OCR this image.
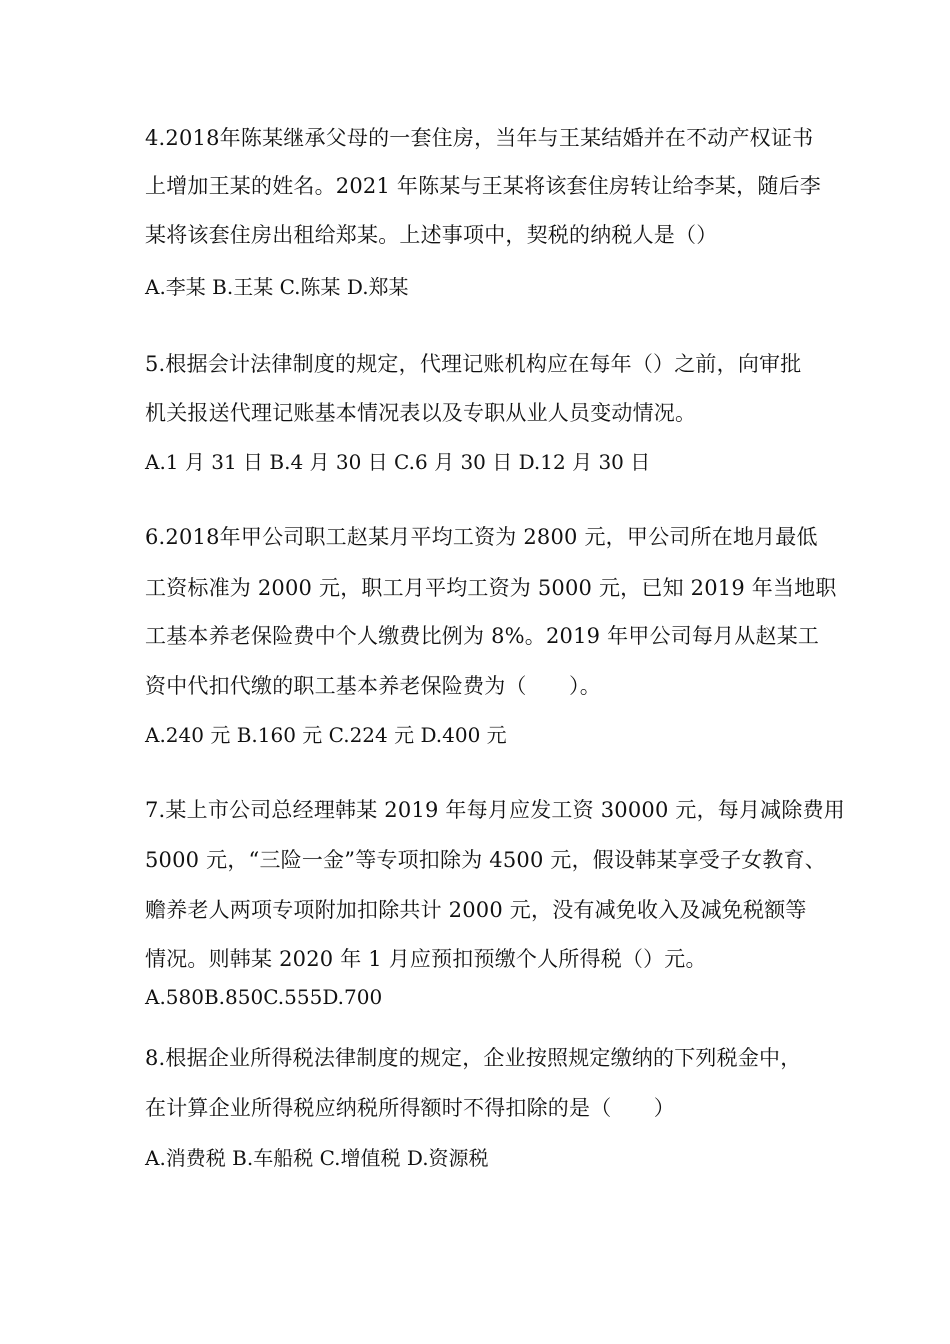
4.2018年陈某继承父母的一套住房，当年与王某结婚并在不动产权证书
上增加王某的姓名。2021 年陈某与王某将该套住房转让给李某，随后李
某将该套住房出租给郑某。上述事项中，契税的纳税人是（）
A.李某 B.王某 C.陈某 D.郑某
5.根据会计法律制度的规定，代理记账机构应在每年（）之前，向审批
机关报送代理记账基本情况表以及专职从业人员变动情况。
A.1 月 31 日 B.4 月 30 日 C.6 月 30 日 D.12 月 30 日
6.2018年甲公司职工赵某月平均工资为 2800 元，甲公司所在地月最低
工资标准为 2000 元，职工月平均工资为 5000 元，已知 2019 年当地职
工基本养老保险费中个人缴费比例为 8%。2019 年甲公司每月从赵某工
资中代扣代缴的职工基本养老保险费为（　　）。
A.240 元 B.160 元 C.224 元 D.400 元
7.某上市公司总经理韩某 2019 年每月应发工资 30000 元，每月减除费用
5000 元，“三险一金”等专项扣除为 4500 元，假设韩某享受子女教育、
赡养老人两项专项附加扣除共计 2000 元，没有减免收入及减免税额等
情况。则韩某 2020 年 1 月应预扣预缴个人所得税（）元。
A.580B.850C.555D.700
8.根据企业所得税法律制度的规定，企业按照规定缴纳的下列税金中，
在计算企业所得税应纳税所得额时不得扣除的是（　　）
A.消费税 B.车船税 C.增值税 D.资源税
